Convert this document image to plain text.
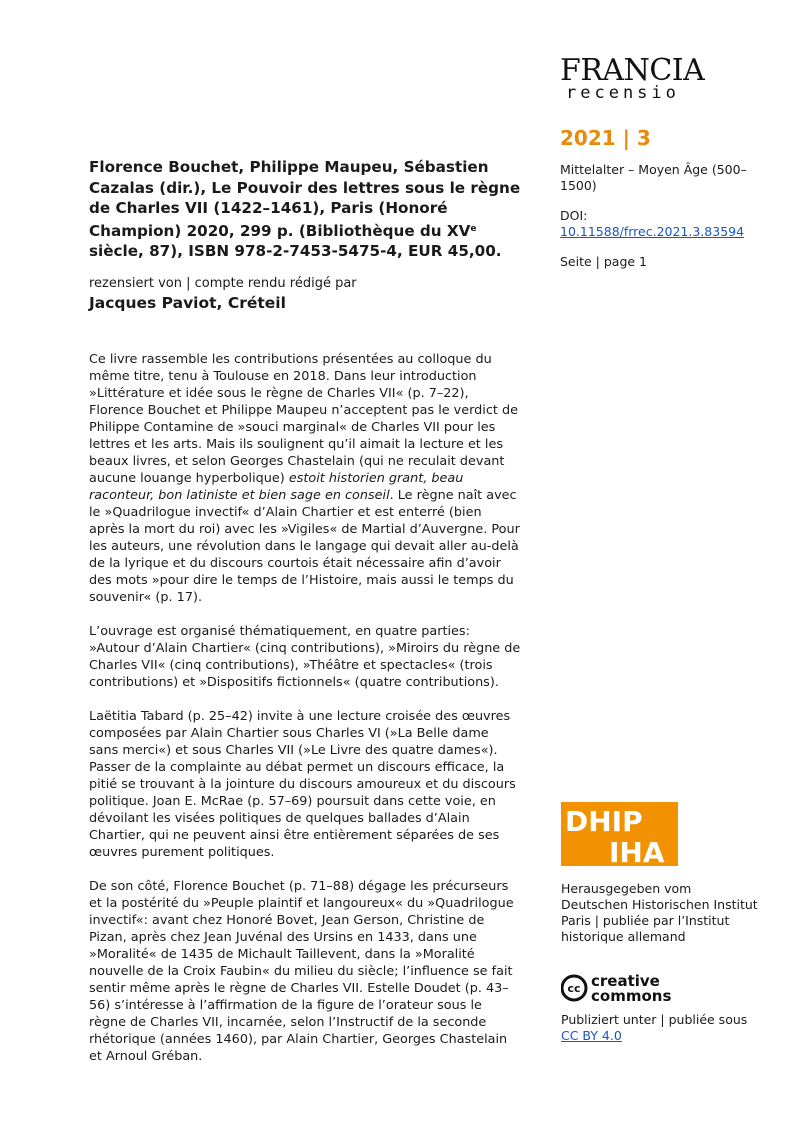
FRANCIA
recensio
2021 | 3

Mittelalter – Moyen Âge (500–1500)

DOI:
10.11588/frrec.2021.3.83594

Seite | page 1

Florence Bouchet, Philippe Maupeu, Sébastien Cazalas (dir.), Le Pouvoir des lettres sous le règne de Charles VII (1422–1461), Paris (Honoré Champion) 2020, 299 p. (Bibliothèque du XVe siècle, 87), ISBN 978-2-7453-5475-4, EUR 45,00.
rezensiert von | compte rendu rédigé par
Jacques Paviot, Créteil

Ce livre rassemble les contributions présentées au colloque du même titre, tenu à Toulouse en 2018. Dans leur introduction »Littérature et idée sous le règne de Charles VII« (p. 7–22), Florence Bouchet et Philippe Maupeu n’acceptent pas le verdict de Philippe Contamine de »souci marginal« de Charles VII pour les lettres et les arts. Mais ils soulignent qu’il aimait la lecture et les beaux livres, et selon Georges Chastelain (qui ne reculait devant aucune louange hyperbolique) estoit historien grant, beau raconteur, bon latiniste et bien sage en conseil. Le règne naît avec le »Quadrilogue invectif« d’Alain Chartier et est enterré (bien après la mort du roi) avec les »Vigiles« de Martial d’Auvergne. Pour les auteurs, une révolution dans le langage qui devait aller au-delà de la lyrique et du discours courtois était nécessaire afin d’avoir des mots »pour dire le temps de l’Histoire, mais aussi le temps du souvenir« (p. 17).

L’ouvrage est organisé thématiquement, en quatre parties: »Autour d’Alain Chartier« (cinq contributions), »Miroirs du règne de Charles VII« (cinq contributions), »Théâtre et spectacles« (trois contributions) et »Dispositifs fictionnels« (quatre contributions).

Laëtitia Tabard (p. 25–42) invite à une lecture croisée des œuvres composées par Alain Chartier sous Charles VI (»La Belle dame sans merci«) et sous Charles VII (»Le Livre des quatre dames«). Passer de la complainte au débat permet un discours efficace, la pitié se trouvant à la jointure du discours amoureux et du discours politique. Joan E. McRae (p. 57–69) poursuit dans cette voie, en dévoilant les visées politiques de quelques ballades d’Alain Chartier, qui ne peuvent ainsi être entièrement séparées de ses œuvres purement politiques.

De son côté, Florence Bouchet (p. 71–88) dégage les précurseurs et la postérité du »Peuple plaintif et langoureux« du »Quadrilogue invectif«: avant chez Honoré Bovet, Jean Gerson, Christine de Pizan, après chez Jean Juvénal des Ursins en 1433, dans une »Moralité« de 1435 de Michault Taillevent, dans la »Moralité nouvelle de la Croix Faubin« du milieu du siècle; l’influence se fait sentir même après le règne de Charles VII. Estelle Doudet (p. 43–56) s’intéresse à l’affirmation de la figure de l’orateur sous le règne de Charles VII, incarnée, selon l’Instructif de la seconde rhétorique (années 1460), par Alain Chartier, Georges Chastelain et Arnoul Gréban.

DHIP
IHA
Herausgegeben vom Deutschen Historischen Institut Paris | publiée par l’Institut historique allemand
cc creative
commons
Publiziert unter | publiée sous
CC BY 4.0
